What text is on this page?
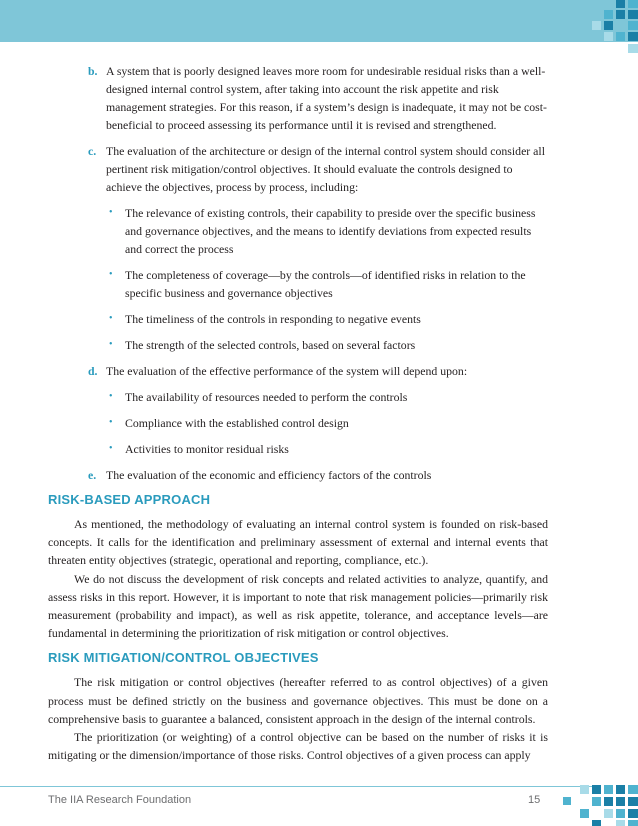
b. A system that is poorly designed leaves more room for undesirable residual risks than a well-designed internal control system, after taking into account the risk appetite and risk management strategies. For this reason, if a system’s design is inadequate, it may not be cost-beneficial to proceed assessing its performance until it is revised and strengthened.
c. The evaluation of the architecture or design of the internal control system should consider all pertinent risk mitigation/control objectives. It should evaluate the controls designed to achieve the objectives, process by process, including:
• The relevance of existing controls, their capability to preside over the specific business and governance objectives, and the means to identify deviations from expected results and correct the process
• The completeness of coverage—by the controls—of identified risks in relation to the specific business and governance objectives
• The timeliness of the controls in responding to negative events
• The strength of the selected controls, based on several factors
d. The evaluation of the effective performance of the system will depend upon:
• The availability of resources needed to perform the controls
• Compliance with the established control design
• Activities to monitor residual risks
e. The evaluation of the economic and efficiency factors of the controls
RISK-BASED APPROACH

As mentioned, the methodology of evaluating an internal control system is founded on risk-based concepts. It calls for the identification and preliminary assessment of external and internal events that threaten entity objectives (strategic, operational and reporting, compliance, etc.).

We do not discuss the development of risk concepts and related activities to analyze, quantify, and assess risks in this report. However, it is important to note that risk management policies—primarily risk measurement (probability and impact), as well as risk appetite, tolerance, and acceptance levels—are fundamental in determining the prioritization of risk mitigation or control objectives.

RISK MITIGATION/CONTROL OBJECTIVES

The risk mitigation or control objectives (hereafter referred to as control objectives) of a given process must be defined strictly on the business and governance objectives. This must be done on a comprehensive basis to guarantee a balanced, consistent approach in the design of the internal controls.

The prioritization (or weighting) of a control objective can be based on the number of risks it is mitigating or the dimension/importance of those risks. Control objectives of a given process can apply

The IIA Research Foundation	15
